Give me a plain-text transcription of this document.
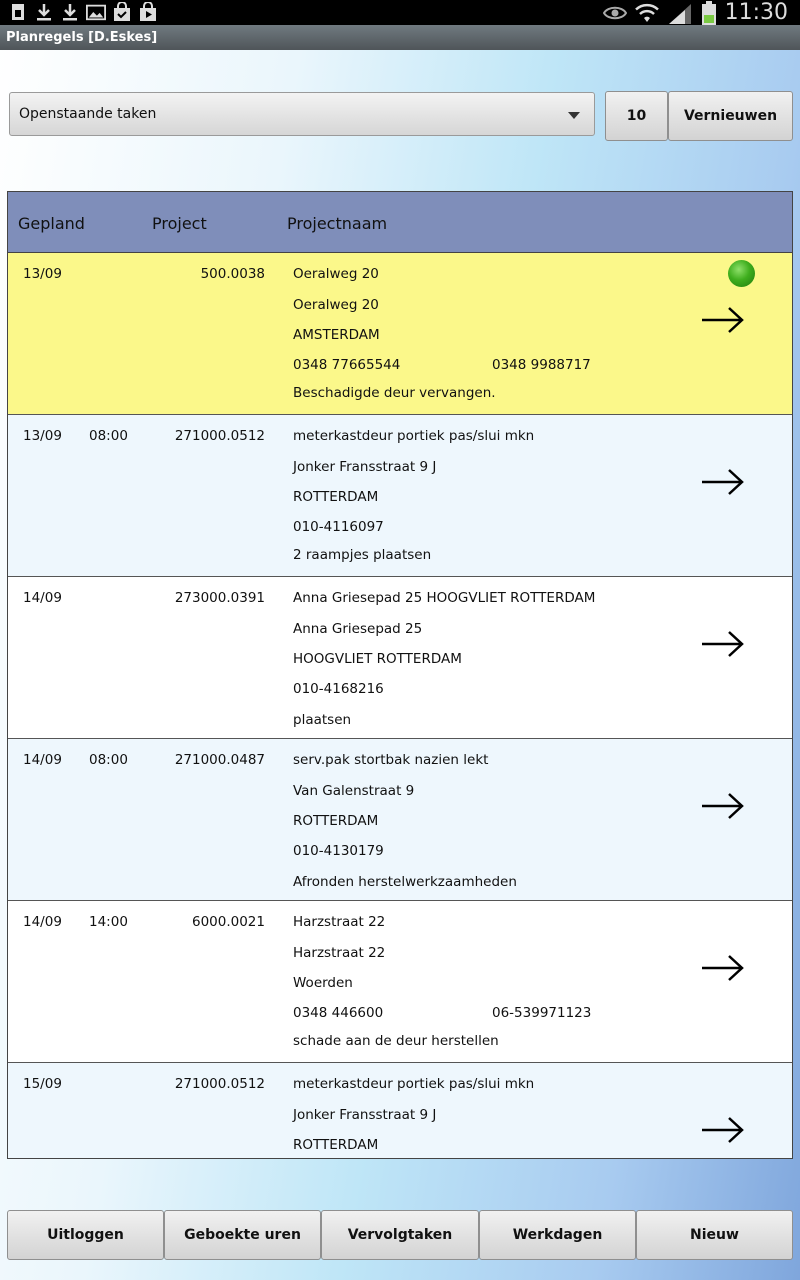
11:30
Planregels [D.Eskes]
Openstaande taken	10	Vernieuwen
Gepland	Project	Projectnaam
13/09	500.0038 Oeralweg 20
Oeralweg 20
AMSTERDAM
0348 77665544	0348 9988717
Beschadigde deur vervangen.
13/09 08:00	271000.0512 meterkastdeur portiek pas/slui mkn
Jonker Fransstraat 9 J
ROTTERDAM
010-4116097
2 raampjes plaatsen
14/09	273000.0391 Anna Griesepad 25 HOOGVLIET ROTTERDAM
Anna Griesepad 25
HOOGVLIET ROTTERDAM
010-4168216
plaatsen
14/09 08:00	271000.0487 serv.pak stortbak nazien lekt
Van Galenstraat 9
ROTTERDAM
010-4130179
Afronden herstelwerkzaamheden
14/09 14:00	6000.0021 Harzstraat 22
Harzstraat 22
Woerden
0348 446600	06-539971123
schade aan de deur herstellen
15/09	271000.0512 meterkastdeur portiek pas/slui mkn
Jonker Fransstraat 9 J
ROTTERDAM
Uitloggen	Geboekte uren	Vervolgtaken	Werkdagen	Nieuw
